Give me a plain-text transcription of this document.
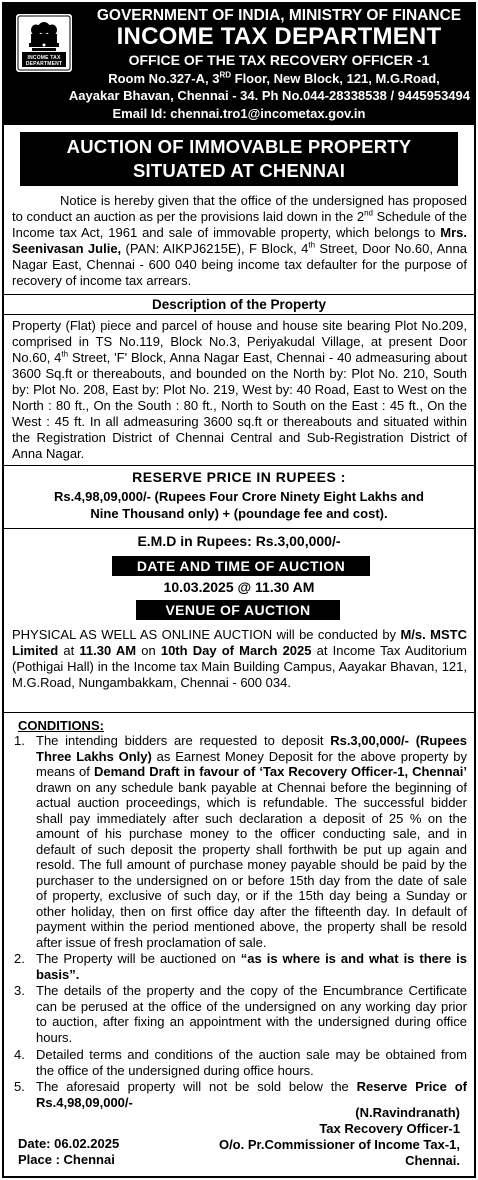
INCOME TAX DEPARTMENT
GOVERNMENT OF INDIA, MINISTRY OF FINANCE
INCOME TAX DEPARTMENT
OFFICE OF THE TAX RECOVERY OFFICER -1
Room No.327-A, 3RD Floor, New Block, 121, M.G.Road,
Aayakar Bhavan, Chennai - 34. Ph No.044-28338538 / 9445953494
Email Id: chennai.tro1@incometax.gov.in
AUCTION OF IMMOVABLE PROPERTY
SITUATED AT CHENNAI

Notice is hereby given that the office of the undersigned has proposed to conduct an auction as per the provisions laid down in the 2nd Schedule of the Income tax Act, 1961 and sale of immovable property, which belongs to Mrs. Seenivasan Julie, (PAN: AIKPJ6215E), F Block, 4th Street, Door No.60, Anna Nagar East, Chennai - 600 040 being income tax defaulter for the purpose of recovery of income tax arrears.

Description of the Property
Property (Flat) piece and parcel of house and house site bearing Plot No.209, comprised in TS No.119, Block No.3, Periyakudal Village, at present Door No.60, 4th Street, 'F' Block, Anna Nagar East, Chennai - 40 admeasuring about 3600 Sq.ft or thereabouts, and bounded on the North by: Plot No. 210, South by: Plot No. 208, East by: Plot No. 219, West by: 40 Road, East to West on the North : 80 ft., On the South : 80 ft., North to South on the East : 45 ft., On the West : 45 ft. In all admeasuring 3600 sq.ft or thereabouts and situated within the Registration District of Chennai Central and Sub-Registration District of Anna Nagar.
RESERVE PRICE IN RUPEES :
Rs.4,98,09,000/- (Rupees Four Crore Ninety Eight Lakhs and
Nine Thousand only) + (poundage fee and cost).
E.M.D in Rupees: Rs.3,00,000/-
DATE AND TIME OF AUCTION
10.03.2025 @ 11.30 AM
VENUE OF AUCTION
PHYSICAL AS WELL AS ONLINE AUCTION will be conducted by M/s. MSTC Limited at 11.30 AM on 10th Day of March 2025 at Income Tax Auditorium (Pothigai Hall) in the Income tax Main Building Campus, Aayakar Bhavan, 121, M.G.Road, Nungambakkam, Chennai - 600 034.
CONDITIONS:
1. The intending bidders are requested to deposit Rs.3,00,000/- (Rupees Three Lakhs Only) as Earnest Money Deposit for the above property by means of Demand Draft in favour of ‘Tax Recovery Officer-1, Chennai’ drawn on any schedule bank payable at Chennai before the beginning of actual auction proceedings, which is refundable. The successful bidder shall pay immediately after such declaration a deposit of 25 % on the amount of his purchase money to the officer conducting sale, and in default of such deposit the property shall forthwith be put up again and resold. The full amount of purchase money payable should be paid by the purchaser to the undersigned on or before 15th day from the date of sale of property, exclusive of such day, or if the 15th day being a Sunday or other holiday, then on first office day after the fifteenth day. In default of payment within the period mentioned above, the property shall be resold after issue of fresh proclamation of sale.
2. The Property will be auctioned on “as is where is and what is there is basis”.
3. The details of the property and the copy of the Encumbrance Certificate can be perused at the office of the undersigned on any working day prior to auction, after fixing an appointment with the undersigned during office hours.
4. Detailed terms and conditions of the auction sale may be obtained from the office of the undersigned during office hours.
5. The aforesaid property will not be sold below the Reserve Price of Rs.4,98,09,000/-
(N.Ravindranath)
Tax Recovery Officer-1
O/o. Pr.Commissioner of Income Tax-1,
Chennai.
Date: 06.02.2025
Place : Chennai
